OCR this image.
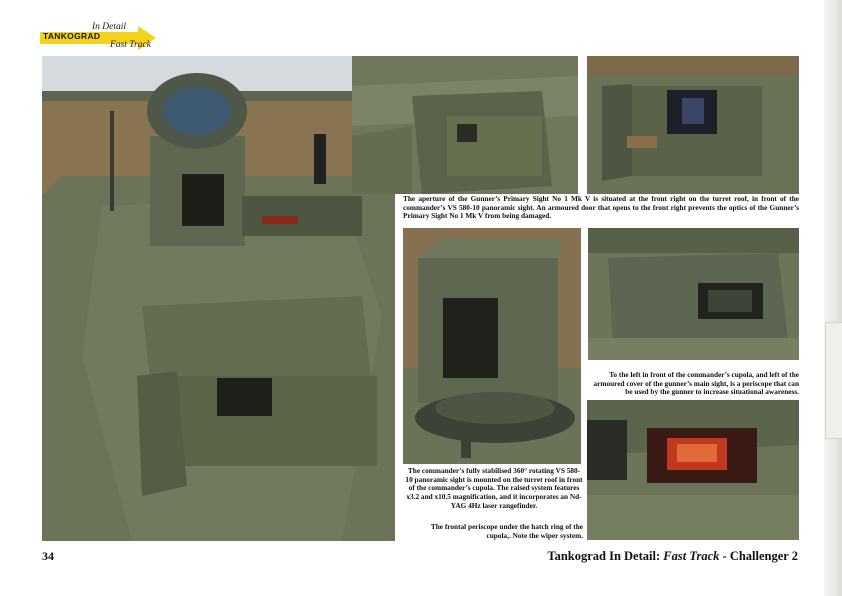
TANKOGRAD
In Detail
Fast Track
The aperture of the Gunner’s Primary Sight No 1 Mk V is situated at the front right on the turret roof, in front of the commander’s VS 580-10 panoramic sight. An armoured door that opens to the front right prevents the optics of the Gunner’s Primary Sight No 1 Mk V from being damaged.
To the left in front of the commander’s cupola, and left of the armoured cover of the gunner’s main sight, is a periscope that can be used by the gunner to increase situational awareness.
The commander’s fully stabilised 360° rotating VS 580-10 panoramic sight is mounted on the turret roof in front of the commander’s cupola. The raised system features x3.2 and x10.5 magnification, and it incorporates an Nd-YAG 4Hz laser rangefinder.
The frontal periscope under the hatch ring of the cupola,. Note the wiper system.
34	Tankograd In Detail: Fast Track - Challenger 2
